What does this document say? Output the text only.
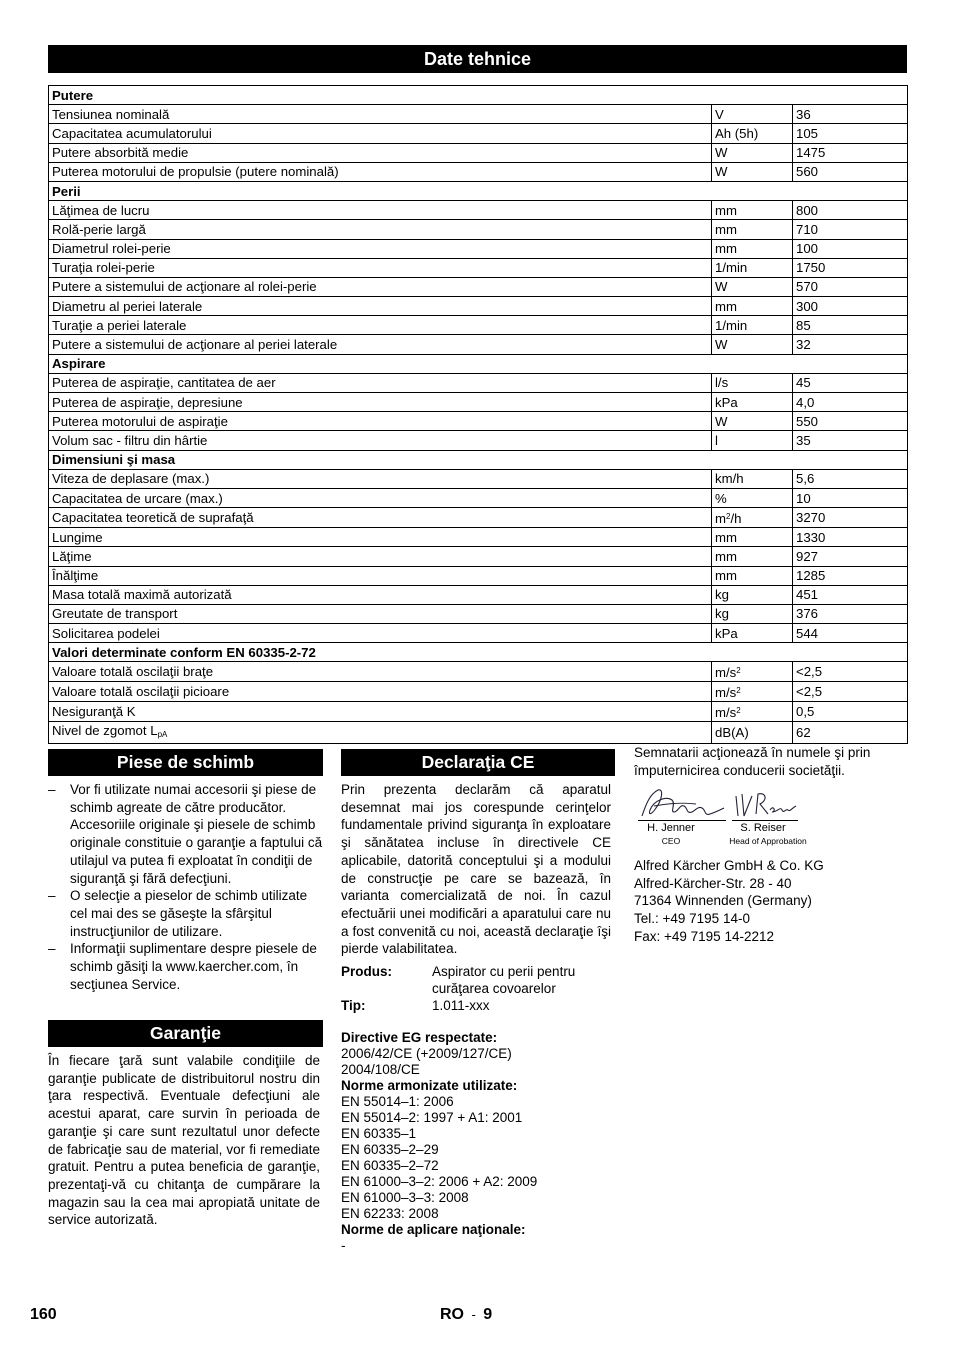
Date tehnice
Putere		
Tensiunea nominală	V	36
Capacitatea acumulatorului	Ah (5h)	105
Putere absorbită medie	W	1475
Puterea motorului de propulsie (putere nominală)	W	560
Perii		
Lăţimea de lucru	mm	800
Rolă-perie largă	mm	710
Diametrul rolei-perie	mm	100
Turaţia rolei-perie	1/min	1750
Putere a sistemului de acţionare al rolei-perie	W	570
Diametru al periei laterale	mm	300
Turaţie a periei laterale	1/min	85
Putere a sistemului de acţionare al periei laterale	W	32
Aspirare		
Puterea de aspiraţie, cantitatea de aer	l/s	45
Puterea de aspiraţie, depresiune	kPa	4,0
Puterea motorului de aspiraţie	W	550
Volum sac - filtru din hârtie	l	35
Dimensiuni şi masa		
Viteza de deplasare (max.)	km/h	5,6
Capacitatea de urcare (max.)	%	10
Capacitatea teoretică de suprafaţă	$m^2/h$	3270
Lungime	mm	1330
Lăţime	mm	927
Înălţime	mm	1285
Masa totală maximă autorizată	kg	451
Greutate de transport	kg	376
Solicitarea podelei	kPa	544
Valori determinate conform EN 60335-2-72		
Valoare totală oscilaţii braţe	$m/s^2$	<2,5
Valoare totală oscilaţii picioare	$m/s^2$	<2,5
Nesiguranţă K	$m/s^2$	0,5
Nivel de zgomot $L_{pA}$	dB(A)	62
Piese de schimb
– Vor fi utilizate numai accesorii şi piese de schimb agreate de către producător. Accesoriile originale şi piesele de schimb originale constituie o garanţie a faptului că utilajul va putea fi exploatat în condiţii de siguranţă şi fără defecţiuni.
– O selecţie a pieselor de schimb utilizate cel mai des se găseşte la sfârşitul instrucţiunilor de utilizare.
– Informaţii suplimentare despre piesele de schimb găsiţi la www.kaercher.com, în secţiunea Service.
Garanţie

În fiecare ţară sunt valabile condiţiile de garanţie publicate de distribuitorul nostru din ţara respectivă. Eventuale defecţiuni ale acestui aparat, care survin în perioada de garanţie şi care sunt rezultatul unor defecte de fabricaţie sau de material, vor fi remediate gratuit. Pentru a putea beneficia de garanţie, prezentaţi-vă cu chitanţa de cumpărare la magazin sau la cea mai apropiată unitate de service autorizată.

Declaraţia CE

Prin prezenta declarăm că aparatul desemnat mai jos corespunde cerinţelor fundamentale privind siguranţa în exploatare şi sănătatea incluse în directivele CE aplicabile, datorită conceptului şi a modului de construcţie pe care se bazează, în varianta comercializată de noi. În cazul efectuării unei modificări a aparatului care nu a fost convenită cu noi, această declaraţie îşi pierde valabilitatea.

Produs:	Aspirator cu perii pentru curăţarea covoarelor
Tip:	1.011-xxx
Directive EG respectate:
2006/42/CE (+2009/127/CE)
2004/108/CE
Norme armonizate utilizate:
EN 55014–1: 2006
EN 55014–2: 1997 + A1: 2001
EN 60335–1
EN 60335–2–29
EN 60335–2–72
EN 61000–3–2: 2006 + A2: 2009
EN 61000–3–3: 2008
EN 62233: 2008
Norme de aplicare naţionale:
-

Semnatarii acţionează în numele şi prin împuternicirea conducerii societăţii.

H. Jenner
CEO
S. Reiser
Head of Approbation
Alfred Kärcher GmbH & Co. KG
Alfred-Kärcher-Str. 28 - 40
71364 Winnenden (Germany)
Tel.: +49 7195 14-0
Fax: +49 7195 14-2212
160	RO - 9
